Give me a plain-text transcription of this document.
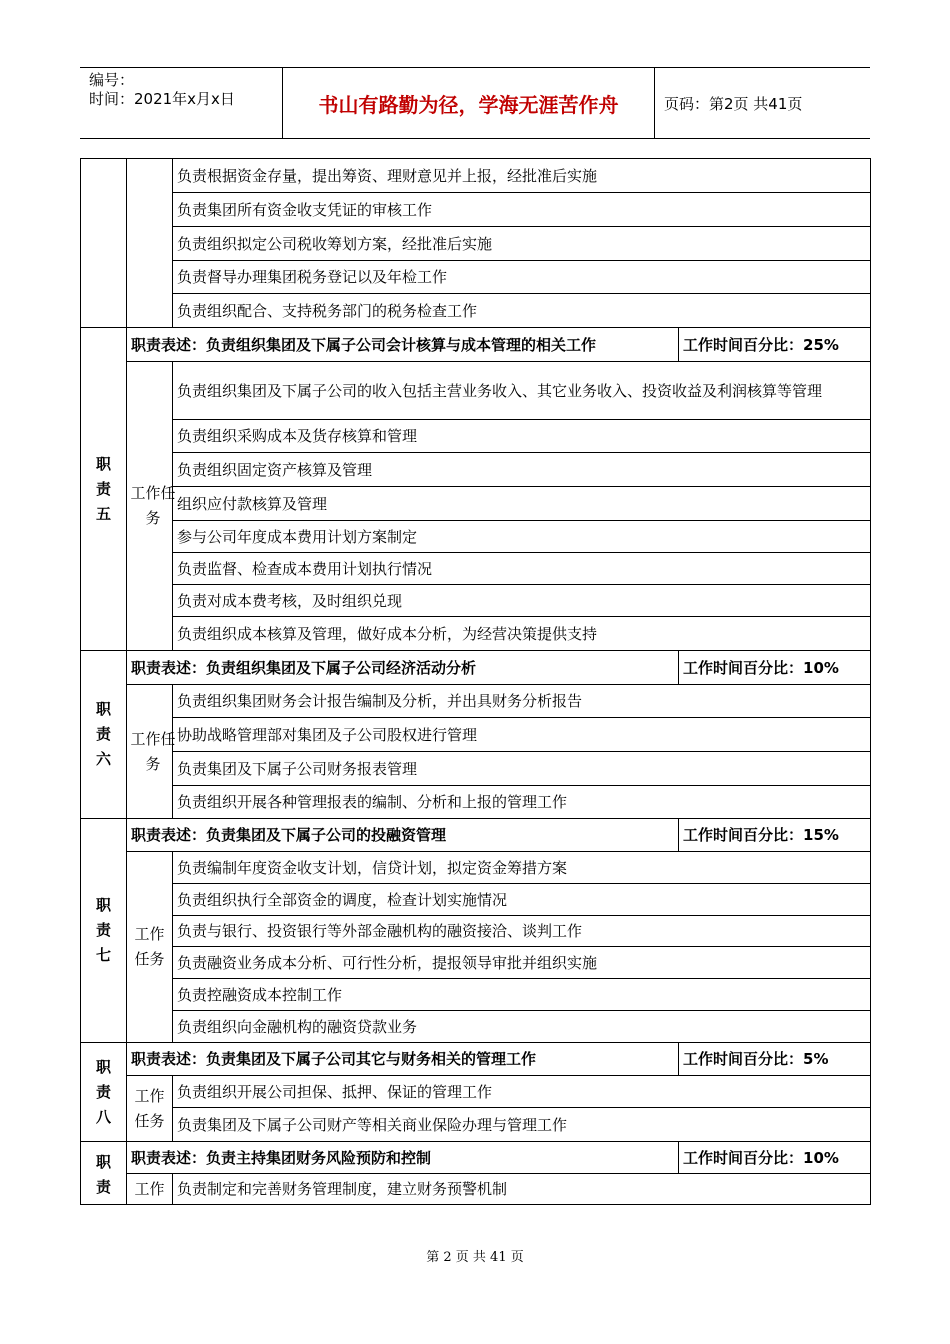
编号：
时间：2021年x月x日	书山有路勤为径，学海无涯苦作舟	页码：第2页 共41页
		负责根据资金存量，提出筹资、理财意见并上报，经批准后实施	
		负责集团所有资金收支凭证的审核工作	
		负责组织拟定公司税收筹划方案，经批准后实施	
		负责督导办理集团税务登记以及年检工作	
		负责组织配合、支持税务部门的税务检查工作	
职责五	职责表述：负责组织集团及下属子公司会计核算与成本管理的相关工作		工作时间百分比：25%
	工作任务	负责组织集团及下属子公司的收入包括主营业务收入、其它业务收入、投资收益及利润核算等管理	
		负责组织采购成本及货存核算和管理	
		负责组织固定资产核算及管理	
		组织应付款核算及管理	
		参与公司年度成本费用计划方案制定	
		负责监督、检查成本费用计划执行情况	
		负责对成本费考核，及时组织兑现	
		负责组织成本核算及管理，做好成本分析，为经营决策提供支持	
职责六	职责表述：负责组织集团及下属子公司经济活动分析		工作时间百分比：10%
	工作任务	负责组织集团财务会计报告编制及分析，并出具财务分析报告	
		协助战略管理部对集团及子公司股权进行管理	
		负责集团及下属子公司财务报表管理	
		负责组织开展各种管理报表的编制、分析和上报的管理工作	
职责七	职责表述：负责集团及下属子公司的投融资管理		工作时间百分比：15%
	工作任务	负责编制年度资金收支计划，信贷计划，拟定资金筹措方案	
		负责组织执行全部资金的调度，检查计划实施情况	
		负责与银行、投资银行等外部金融机构的融资接洽、谈判工作	
		负责融资业务成本分析、可行性分析，提报领导审批并组织实施	
		负责控融资成本控制工作	
		负责组织向金融机构的融资贷款业务	
职责八	职责表述：负责集团及下属子公司其它与财务相关的管理工作		工作时间百分比：5%
	工作任务	负责组织开展公司担保、抵押、保证的管理工作	
		负责集团及下属子公司财产等相关商业保险办理与管理工作	
职责	职责表述：负责主持集团财务风险预防和控制		工作时间百分比：10%
	工作	负责制定和完善财务管理制度，建立财务预警机制	
第 2 页 共 41 页
